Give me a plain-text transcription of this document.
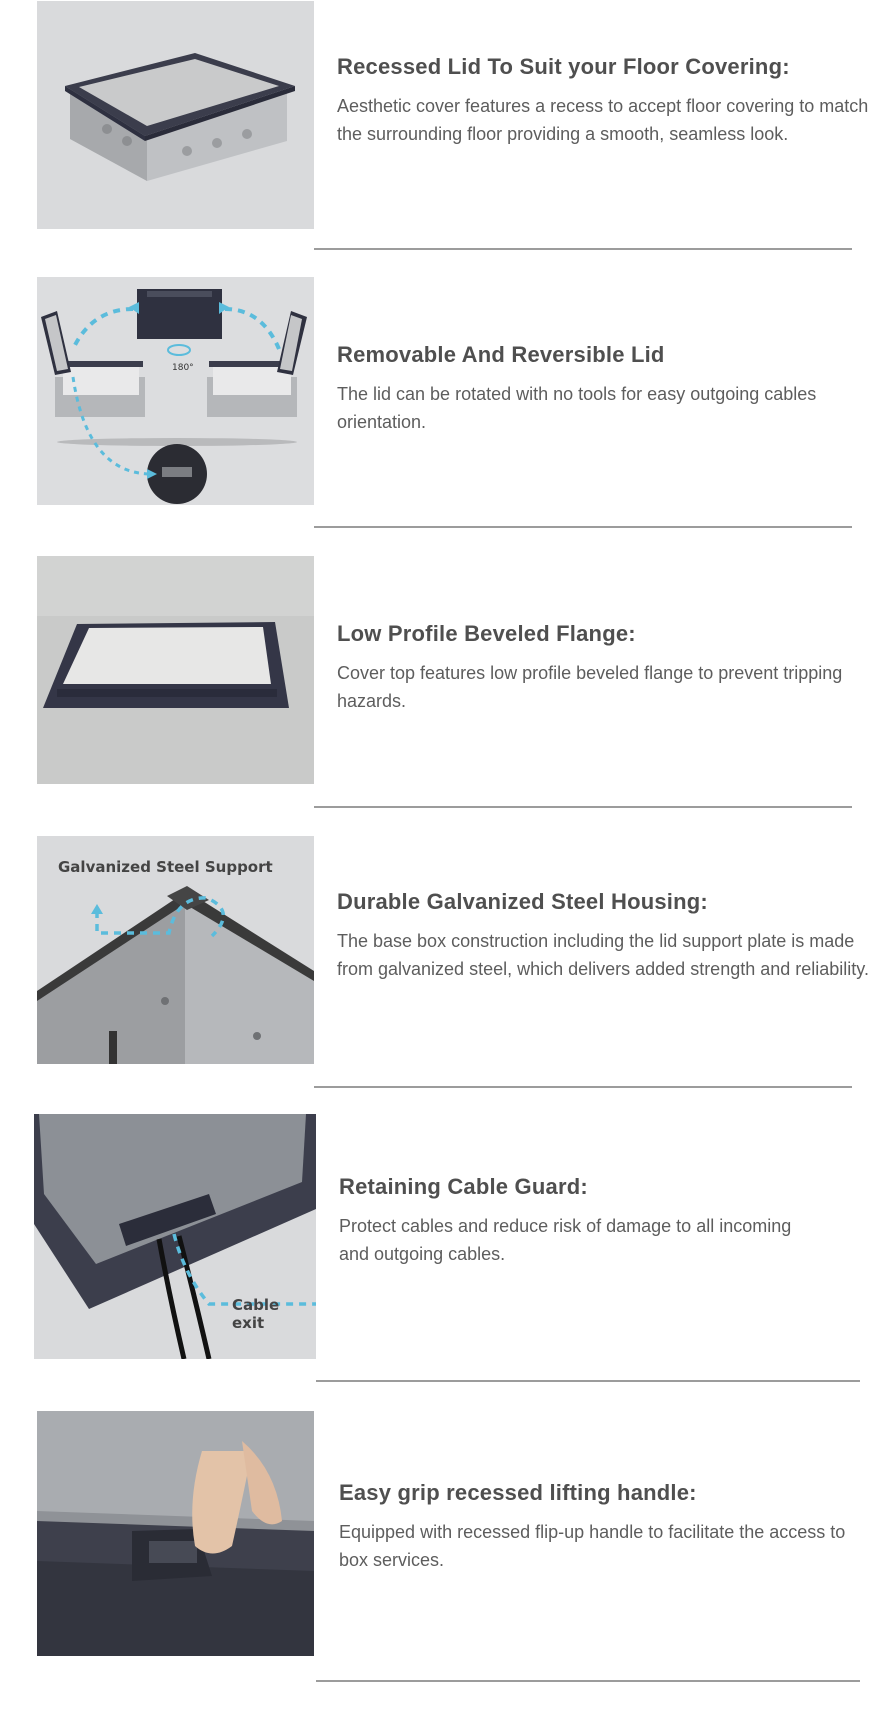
Recessed Lid To Suit your Floor Covering:

Aesthetic cover features a recess to accept floor covering to match the surrounding floor providing a smooth, seamless look.

180°
Removable And Reversible Lid

The lid can be rotated with no tools for easy outgoing cables orientation.

Low Profile Beveled Flange:

Cover top features low profile beveled flange to prevent tripping hazards.

Galvanized Steel Support
Durable Galvanized Steel Housing:

The base box construction including the lid support plate is made from galvanized steel, which delivers added strength and reliability.

Cable exit
Retaining Cable Guard:

Protect cables and reduce risk of damage to all incoming and outgoing cables.

Easy grip recessed lifting handle:

Equipped with recessed flip-up handle to facilitate the access to box services.
